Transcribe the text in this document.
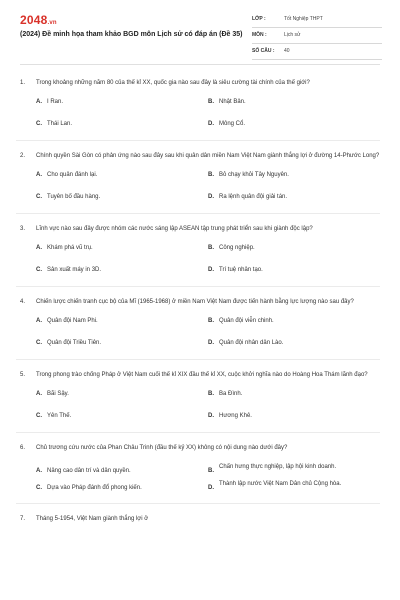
2048.vn
(2024) Đề minh họa tham khảo BGD môn Lịch sử có đáp án (Đề 35)
LỚP :	Tốt Nghiệp THPT
MÔN :	Lịch sử
SỐ CÂU : 40
1. Trong khoảng những năm 80 của thế kỉ XX, quốc gia nào sau đây là siêu cường tài chính của thế giới?
A. I Ran.	B. Nhật Bản.
C. Thái Lan.	D. Mông Cổ.
2. Chính quyền Sài Gòn có phản ứng nào sau đây sau khi quân dân miền Nam Việt Nam giành thắng lợi ở đường 14-Phước Long?
A. Cho quân đánh lại.	B. Bỏ chạy khỏi Tây Nguyên.
C. Tuyên bố đầu hàng.	D. Ra lệnh quân đội giải tán.
3. Lĩnh vực nào sau đây được nhóm các nước sáng lập ASEAN tập trung phát triển sau khi giành độc lập?
A. Khám phá vũ trụ.	B. Công nghiệp.
C. Sản xuất máy in 3D.	D. Trí tuệ nhân tạo.
4. Chiến lược chiến tranh cục bộ của Mĩ (1965-1968) ở miền Nam Việt Nam được tiến hành bằng lực lượng nào sau đây?
A. Quân đội Nam Phi.	B. Quân đội viễn chinh.
C. Quân đội Triều Tiên.	D. Quân đội nhân dân Lào.
5. Trong phong trào chống Pháp ở Việt Nam cuối thế kỉ XIX đầu thế kỉ XX, cuộc khởi nghĩa nào do Hoàng Hoa Thám lãnh đạo?
A. Bãi Sậy.	B. Ba Đình.
C. Yên Thế.	D. Hương Khê.
6. Chủ trương cứu nước của Phan Châu Trinh (đầu thế kỷ XX) không có nội dung nào dưới đây?
A. Nâng cao dân trí và dân quyền.	B.
Chấn hưng thực nghiệp, lập hội kinh doanh.
C. Dựa vào Pháp đánh đổ phong kiến.	D.
Thành lập nước Việt Nam Dân chủ Cộng hòa.
7. Tháng 5-1954, Việt Nam giành thắng lợi ở
